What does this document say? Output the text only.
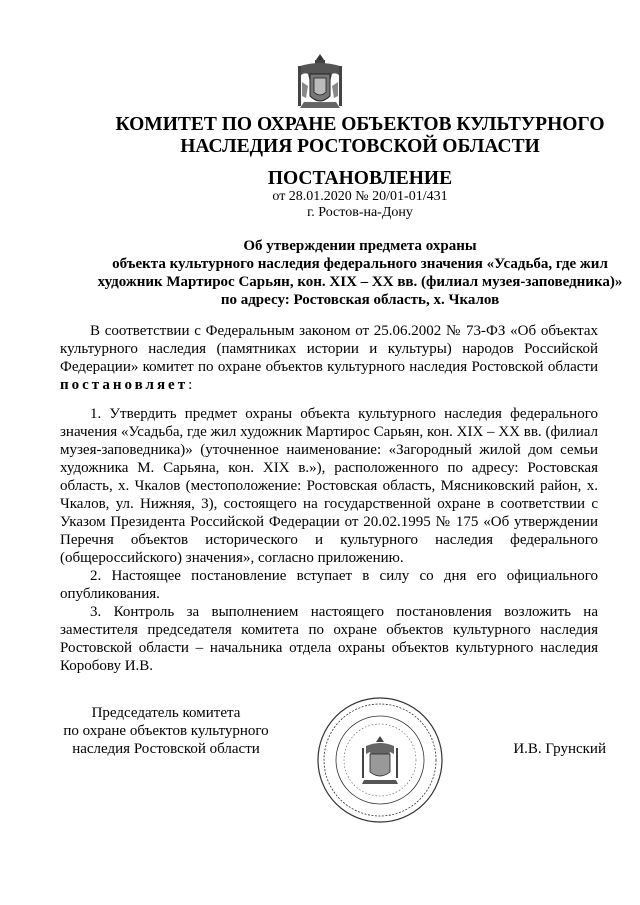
КОМИТЕТ ПО ОХРАНЕ ОБЪЕКТОВ КУЛЬТУРНОГО
НАСЛЕДИЯ РОСТОВСКОЙ ОБЛАСТИ
ПОСТАНОВЛЕНИЕ
от 28.01.2020 № 20/01-01/431
г. Ростов-на-Дону
Об утверждении предмета охраны
объекта культурного наследия федерального значения «Усадьба, где жил
художник Мартирос Сарьян, кон. XIX – XX вв. (филиал музея-заповедника)»
по адресу: Ростовская область, х. Чкалов

В соответствии с Федеральным законом от 25.06.2002 № 73-ФЗ «Об объектах культурного наследия (памятниках истории и культуры) народов Российской Федерации» комитет по охране объектов культурного наследия Ростовской области постановляет:

1. Утвердить предмет охраны объекта культурного наследия федерального значения «Усадьба, где жил художник Мартирос Сарьян, кон. XIX – XX вв. (филиал музея-заповедника)» (уточненное наименование: «Загородный жилой дом семьи художника М. Сарьяна, кон. XIX в.»), расположенного по адресу: Ростовская область, х. Чкалов (местоположение: Ростовская область, Мясниковский район, х. Чкалов, ул. Нижняя, 3), состоящего на государственной охране в соответствии с Указом Президента Российской Федерации от 20.02.1995 № 175 «Об утверждении Перечня объектов исторического и культурного наследия федерального (общероссийского) значения», согласно приложению.

2. Настоящее постановление вступает в силу со дня его официального опубликования.

3. Контроль за выполнением настоящего постановления возложить на заместителя председателя комитета по охране объектов культурного наследия Ростовской области – начальника отдела охраны объектов культурного наследия Коробову И.В.

Председатель комитета
по охране объектов культурного
наследия Ростовской области	И.В. Грунский
